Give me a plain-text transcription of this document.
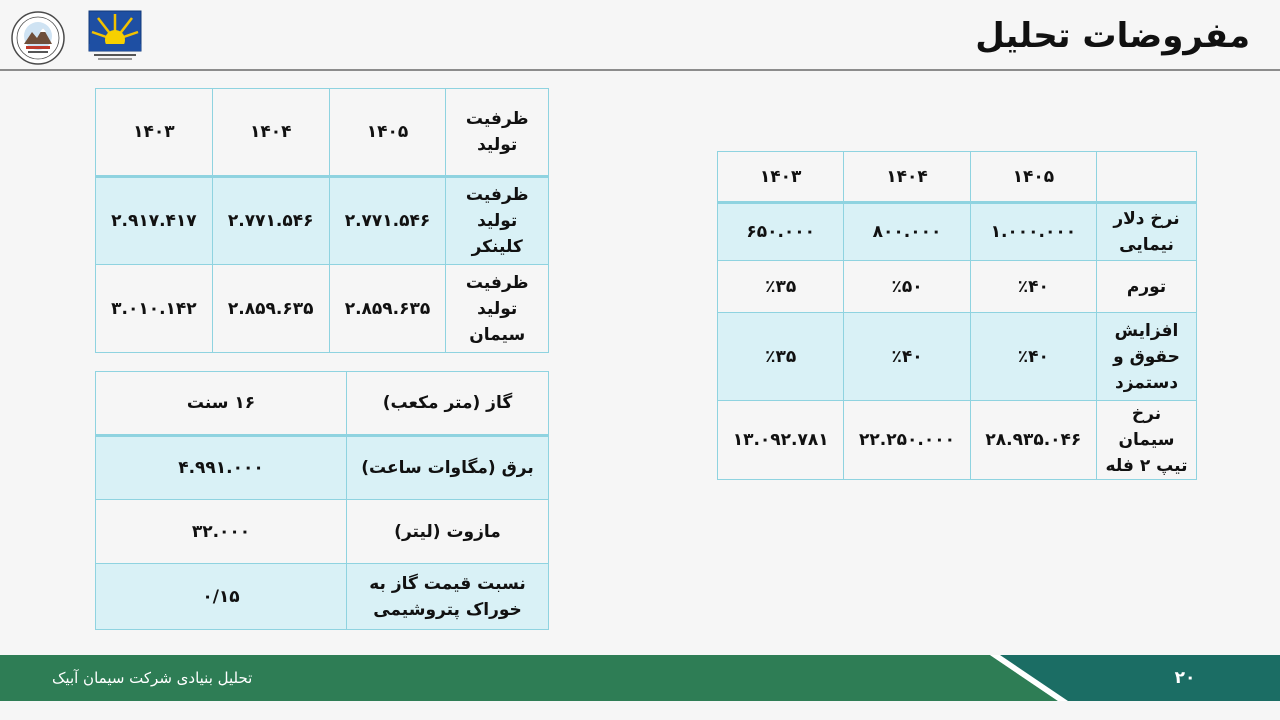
مفروضات تحلیل
ظرفیت تولید	۱۴۰۵	۱۴۰۴	۱۴۰۳
ظرفیت تولید کلینکر	۲.۷۷۱.۵۴۶	۲.۷۷۱.۵۴۶	۲.۹۱۷.۴۱۷
ظرفیت تولید سیمان	۲.۸۵۹.۶۳۵	۲.۸۵۹.۶۳۵	۳.۰۱۰.۱۴۲
گاز (متر مکعب)	۱۶ سنت
برق (مگاوات ساعت)	۴.۹۹۱.۰۰۰
مازوت (لیتر)	۳۲.۰۰۰
نسبت قیمت گاز به خوراک پتروشیمی	۰/۱۵
	۱۴۰۵	۱۴۰۴	۱۴۰۳
نرخ دلار نیمایی	۱.۰۰۰.۰۰۰	۸۰۰.۰۰۰	۶۵۰.۰۰۰
تورم	٪۴۰	٪۵۰	٪۳۵
افزایش حقوق و دستمزد	٪۴۰	٪۴۰	٪۳۵
نرخ سیمان تیپ ۲ فله	۲۸.۹۳۵.۰۴۶	۲۲.۲۵۰.۰۰۰	۱۳.۰۹۲.۷۸۱
تحلیل بنیادی شرکت سیمان آبیک	۲۰
